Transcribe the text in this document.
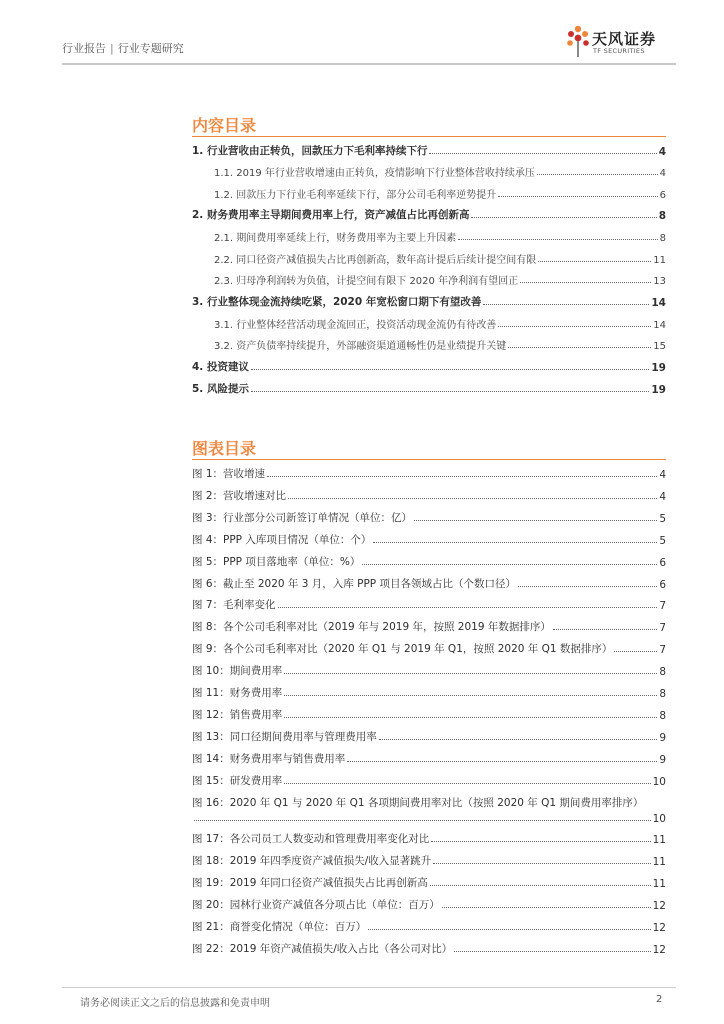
行业报告 | 行业专题研究
天风证券
TF SECURITIES
内容目录
1. 行业营收由正转负，回款压力下毛利率持续下行	4
1.1. 2019 年行业营收增速由正转负，疫情影响下行业整体营收持续承压	4
1.2. 回款压力下行业毛利率延续下行，部分公司毛利率逆势提升	6
2. 财务费用率主导期间费用率上行，资产减值占比再创新高	8
2.1. 期间费用率延续上行，财务费用率为主要上升因素	8
2.2. 同口径资产减值损失占比再创新高，数年高计提后后续计提空间有限	11
2.3. 归母净利润转为负值，计提空间有限下 2020 年净利润有望回正	13
3. 行业整体现金流持续吃紧，2020 年宽松窗口期下有望改善	14
3.1. 行业整体经营活动现金流回正，投资活动现金流仍有待改善	14
3.2. 资产负债率持续提升，外部融资渠道通畅性仍是业绩提升关键	15
4. 投资建议	19
5. 风险提示	19
图表目录
图 1：营收增速	4
图 2：营收增速对比	4
图 3：行业部分公司新签订单情况（单位：亿）	5
图 4：PPP 入库项目情况（单位：个）	5
图 5：PPP 项目落地率（单位：%）	6
图 6：截止至 2020 年 3 月，入库 PPP 项目各领域占比（个数口径）	6
图 7：毛利率变化	7
图 8：各个公司毛利率对比（2019 年与 2019 年，按照 2019 年数据排序）	7
图 9：各个公司毛利率对比（2020 年 Q1 与 2019 年 Q1，按照 2020 年 Q1 数据排序）	7
图 10：期间费用率	8
图 11：财务费用率	8
图 12：销售费用率	8
图 13：同口径期间费用率与管理费用率	9
图 14：财务费用率与销售费用率	9
图 15：研发费用率	10
图 16：2020 年 Q1 与 2020 年 Q1 各项期间费用率对比（按照 2020 年 Q1 期间费用率排序）
10
图 17：各公司员工人数变动和管理费用率变化对比	11
图 18：2019 年四季度资产减值损失/收入显著跳升	11
图 19：2019 年同口径资产减值损失占比再创新高	11
图 20：园林行业资产减值各分项占比（单位：百万）	12
图 21：商誉变化情况（单位：百万）	12
图 22：2019 年资产减值损失/收入占比（各公司对比）	12
请务必阅读正文之后的信息披露和免责申明	2
